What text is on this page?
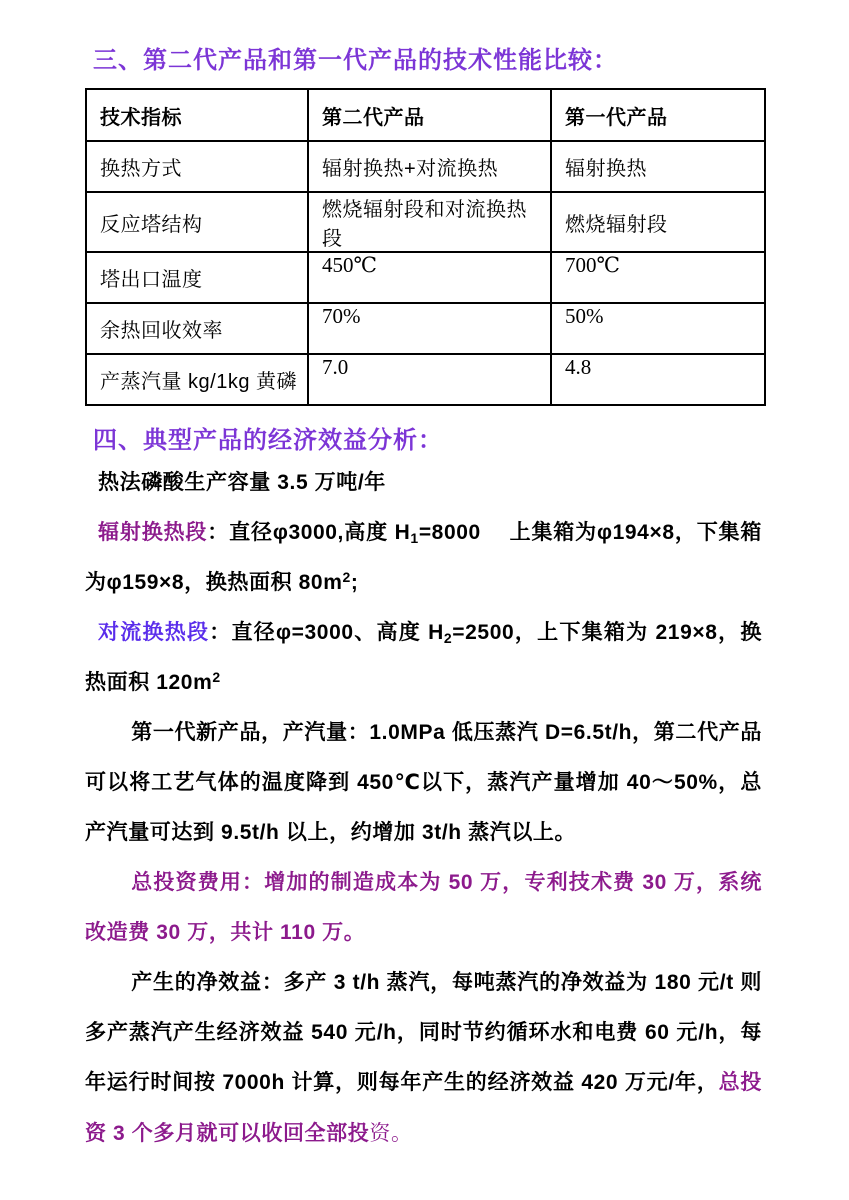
三、第二代产品和第一代产品的技术性能比较：
技术指标	第二代产品	第一代产品
换热方式	辐射换热+对流换热	辐射换热
反应塔结构	燃烧辐射段和对流换热段	燃烧辐射段
塔出口温度	450℃	700℃
余热回收效率	70%	50%
产蒸汽量 kg/1kg 黄磷	7.0	4.8
四、典型产品的经济效益分析：

热法磷酸生产容量 3.5 万吨/年

辐射换热段：直径φ3000,高度 $H_1=8000$　 上集箱为φ194×8，下集箱为φ159×8，换热面积 $80m^2$;

对流换热段：直径φ=3000、高度 $H_2=2500$，上下集箱为 219×8，换热面积 $120m^2$

第一代新产品，产汽量：1.0MPa 低压蒸汽 D=6.5t/h，第二代产品可以将工艺气体的温度降到 450℃以下，蒸汽产量增加 40～50%，总产汽量可达到 9.5t/h 以上，约增加 3t/h 蒸汽以上。

总投资费用：增加的制造成本为 50 万，专利技术费 30 万，系统改造费 30 万，共计 110 万。

产生的净效益：多产 3 t/h 蒸汽，每吨蒸汽的净效益为 180 元/t 则多产蒸汽产生经济效益 540 元/h，同时节约循环水和电费 60 元/h，每年运行时间按 7000h 计算，则每年产生的经济效益 420 万元/年，总投资 3 个多月就可以收回全部投资。
